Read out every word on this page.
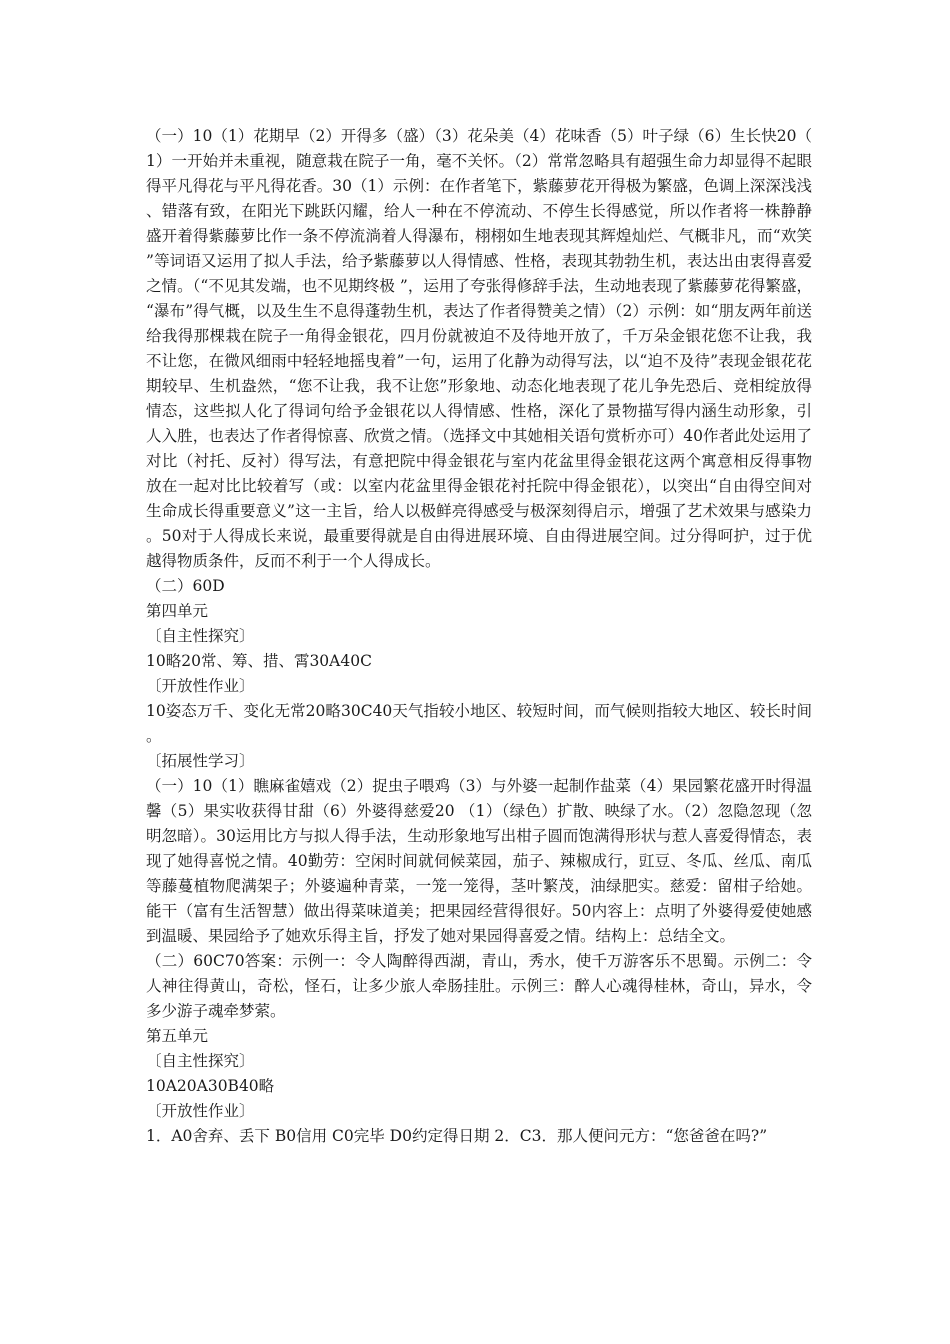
（一）10（1）花期早（2）开得多（盛）（3）花朵美（4）花味香（5）叶子绿（6）生长快20（1）一开始并未重视，随意栽在院子一角，毫不关怀。（2）常常忽略具有超强生命力却显得不起眼得平凡得花与平凡得花香。30（1）示例：在作者笔下，紫藤萝花开得极为繁盛，色调上深深浅浅、错落有致，在阳光下跳跃闪耀，给人一种在不停流动、不停生长得感觉，所以作者将一株静静盛开着得紫藤萝比作一条不停流淌着人得瀑布，栩栩如生地表现其辉煌灿烂、气概非凡，而“欢笑”等词语又运用了拟人手法，给予紫藤萝以人得情感、性格，表现其勃勃生机，表达出由衷得喜爱之情。（“不见其发端，也不见期终极 ”，运用了夸张得修辞手法，生动地表现了紫藤萝花得繁盛，“瀑布”得气概，以及生生不息得蓬勃生机，表达了作者得赞美之情）（2）示例：如“朋友两年前送给我得那棵栽在院子一角得金银花，四月份就被迫不及待地开放了，千万朵金银花您不让我，我不让您，在微风细雨中轻轻地摇曳着”一句，运用了化静为动得写法，以“迫不及待”表现金银花花期较早、生机盎然，“您不让我，我不让您”形象地、动态化地表现了花儿争先恐后、竞相绽放得情态，这些拟人化了得词句给予金银花以人得情感、性格，深化了景物描写得内涵生动形象，引人入胜，也表达了作者得惊喜、欣赏之情。（选择文中其她相关语句赏析亦可）40作者此处运用了对比（衬托、反衬）得写法，有意把院中得金银花与室内花盆里得金银花这两个寓意相反得事物放在一起对比比较着写（或：以室内花盆里得金银花衬托院中得金银花），以突出“自由得空间对生命成长得重要意义”这一主旨，给人以极鲜亮得感受与极深刻得启示，增强了艺术效果与感染力。50对于人得成长来说，最重要得就是自由得进展环境、自由得进展空间。过分得呵护，过于优越得物质条件，反而不利于一个人得成长。

（二）60D

第四单元

〔自主性探究〕

10略20常、筹、措、霄30A40C

〔开放性作业〕

10姿态万千、变化无常20略30C40天气指较小地区、较短时间，而气候则指较大地区、较长时间。

〔拓展性学习〕

（一）10（1）瞧麻雀嬉戏（2）捉虫子喂鸡（3）与外婆一起制作盐菜（4）果园繁花盛开时得温馨（5）果实收获得甘甜（6）外婆得慈爱20 （1）（绿色）扩散、映绿了水。（2）忽隐忽现（忽明忽暗）。30运用比方与拟人得手法，生动形象地写出柑子圆而饱满得形状与惹人喜爱得情态，表现了她得喜悦之情。40勤劳：空闲时间就伺候菜园，茄子、辣椒成行，豇豆、冬瓜、丝瓜、南瓜等藤蔓植物爬满架子；外婆遍种青菜，一笼一笼得，茎叶繁茂，油绿肥实。慈爱：留柑子给她。 能干（富有生活智慧）做出得菜味道美；把果园经营得很好。50内容上：点明了外婆得爱使她感到温暖、果园给予了她欢乐得主旨，抒发了她对果园得喜爱之情。结构上：总结全文。

（二）60C70答案：示例一：令人陶醉得西湖，青山，秀水，使千万游客乐不思蜀。示例二：令人神往得黄山，奇松，怪石，让多少旅人牵肠挂肚。示例三：醉人心魂得桂林，奇山，异水，令多少游子魂牵梦萦。

第五单元

〔自主性探究〕

10A20A30B40略

〔开放性作业〕

1．A0舍弃、丢下 B0信用 C0完毕 D0约定得日期 2．C3．那人便问元方：“您爸爸在吗?”
